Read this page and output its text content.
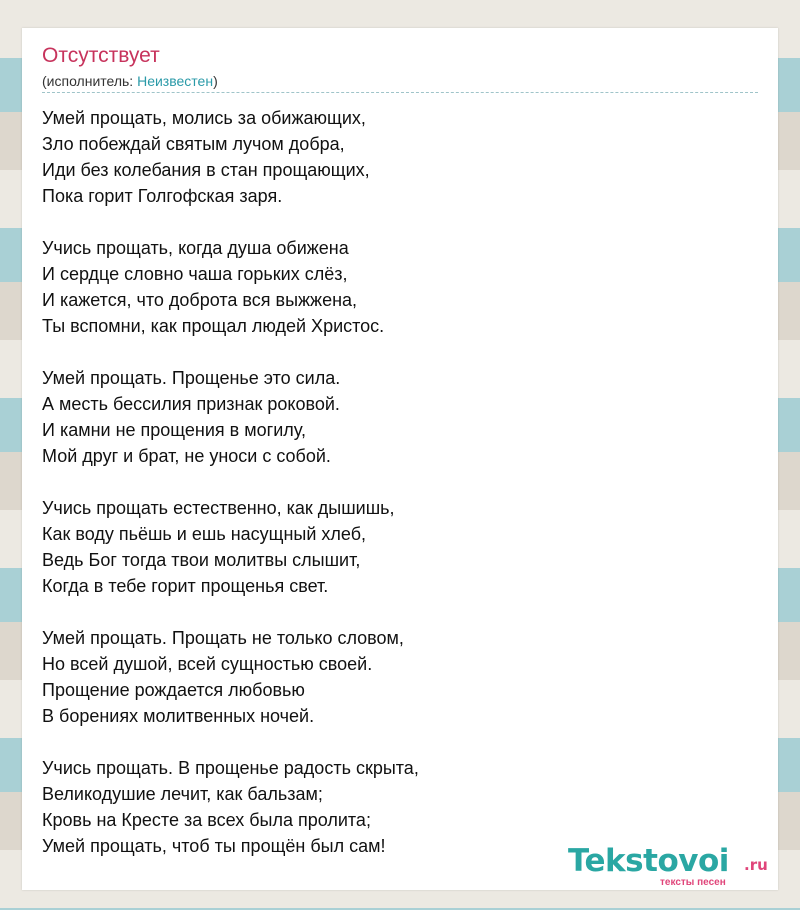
Отсутствует
(исполнитель: Неизвестен)
Умей прощать, молись за обижающих,
Зло побеждай святым лучом добра,
Иди без колебания в стан прощающих,
Пока горит Голгофская заря.
Учись прощать, когда душа обижена
И сердце словно чаша горьких слёз,
И кажется, что доброта вся выжжена,
Ты вспомни, как прощал людей Христос.
Умей прощать. Прощенье это сила.
А месть бессилия признак роковой.
И камни не прощения в могилу,
Мой друг и брат, не уноси с собой.
Учись прощать естественно, как дышишь,
Как воду пьёшь и ешь насущный хлеб,
Ведь Бог тогда твои молитвы слышит,
Когда в тебе горит прощенья свет.
Умей прощать. Прощать не только словом,
Но всей душой, всей сущностью своей.
Прощение рождается любовью
В борениях молитвенных ночей.
Учись прощать. В прощенье радость скрыта,
Великодушие лечит, как бальзам;
Кровь на Кресте за всех была пролита;
Умей прощать, чтоб ты прощён был сам!	Tekstovoi .ru
тексты песен
